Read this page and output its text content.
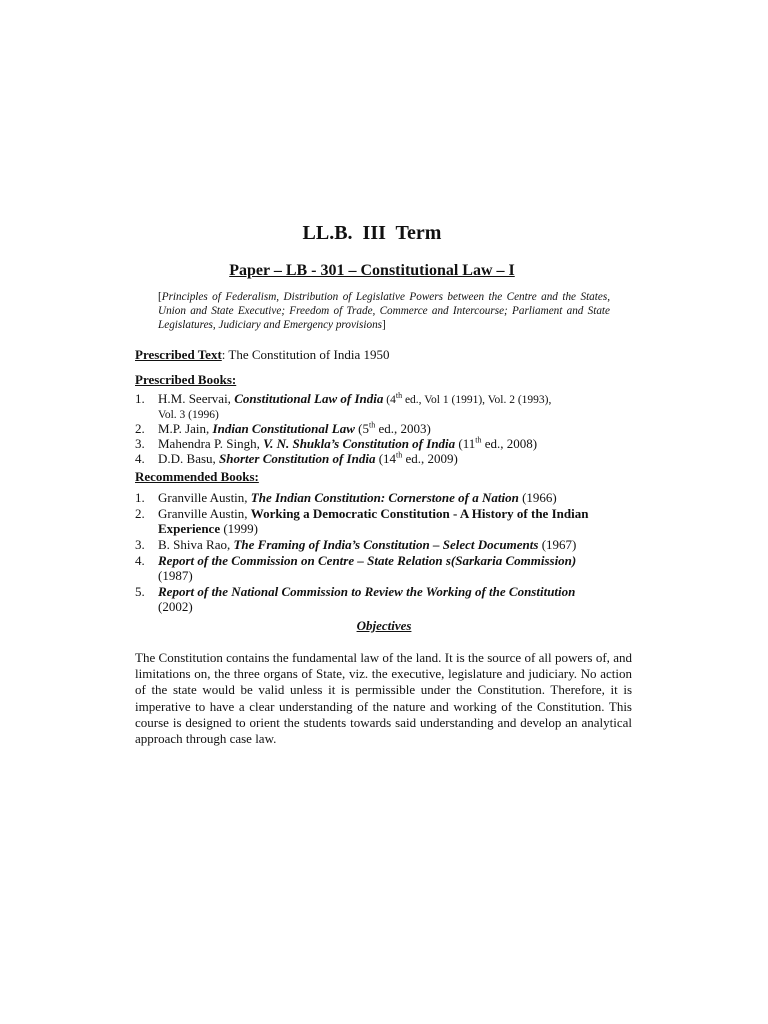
LL.B.  III  Term
Paper – LB - 301 – Constitutional Law – I
[Principles of Federalism, Distribution of Legislative Powers between the Centre and the States, Union and State Executive; Freedom of Trade, Commerce and Intercourse; Parliament and State Legislatures, Judiciary and Emergency provisions]
Prescribed Text: The Constitution of India 1950
Prescribed Books:
1. H.M. Seervai, Constitutional Law of India (4th ed., Vol 1 (1991), Vol. 2 (1993),
Vol. 3 (1996)
2. M.P. Jain, Indian Constitutional Law (5th ed., 2003)
3. Mahendra P. Singh, V. N. Shukla’s Constitution of India (11th ed., 2008)
4. D.D. Basu, Shorter Constitution of India (14th ed., 2009)
Recommended Books:
1. Granville Austin, The Indian Constitution: Cornerstone of a Nation (1966)
2. Granville Austin, Working a Democratic Constitution - A History of the Indian
Experience (1999)
3. B. Shiva Rao, The Framing of India’s Constitution – Select Documents (1967)
4. Report of the Commission on Centre – State Relation s(Sarkaria Commission)
(1987)
5. Report of the National Commission to Review the Working of the Constitution
(2002)
Objectives
The Constitution contains the fundamental law of the land. It is the source of all powers of, and limitations on, the three organs of State, viz. the executive, legislature and judiciary. No action of the state would be valid unless it is permissible under the Constitution. Therefore, it is imperative to have a clear understanding of the nature and working of the Constitution. This course is designed to orient the students towards said understanding and develop an analytical approach through case law.
